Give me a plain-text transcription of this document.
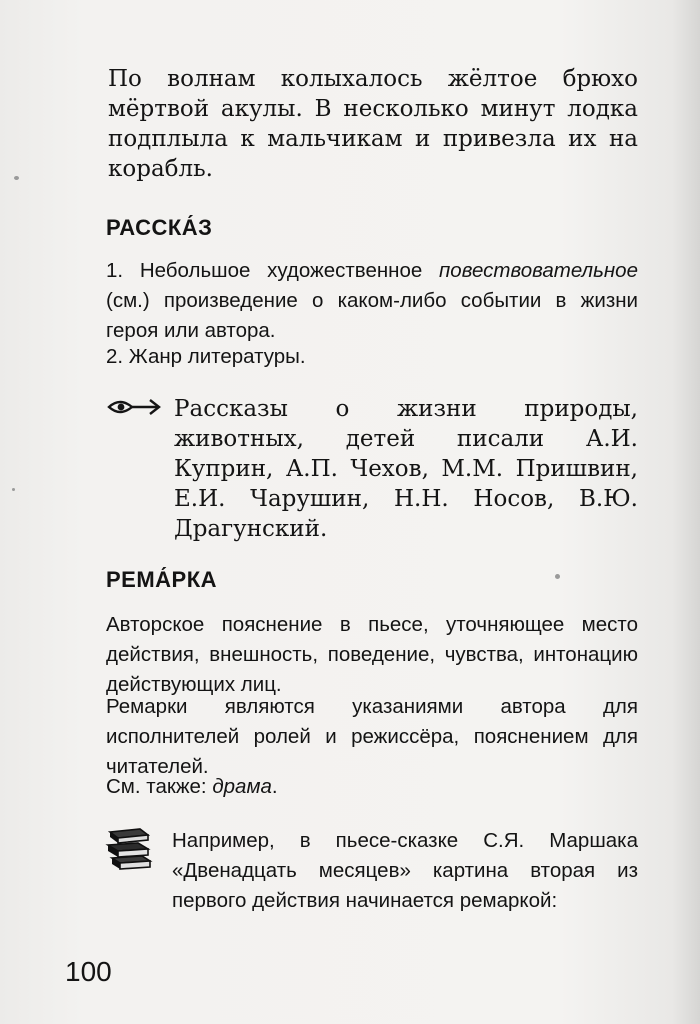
По волнам колыхалось жёлтое брюхо мёртвой акулы. В несколько минут лодка подплыла к мальчикам и привезла их на корабль.

РАССКА́З

1. Небольшое художественное повествовательное (см.) произведение о каком-либо событии в жизни героя или автора.

2. Жанр литературы.

Рассказы о жизни природы, животных, детей писали А.И. Куприн, А.П. Чехов, М.М. Пришвин, Е.И. Чарушин, Н.Н. Носов, В.Ю. Драгунский.

РЕМА́РКА

Авторское пояснение в пьесе, уточняющее место действия, внешность, поведение, чувства, интонацию действующих лиц.

Ремарки являются указаниями автора для исполнителей ролей и режиссёра, пояснением для читателей.

См. также: драма.

Например, в пьесе-сказке С.Я. Маршака «Двенадцать месяцев» картина вторая из первого действия начинается ремаркой:

100
